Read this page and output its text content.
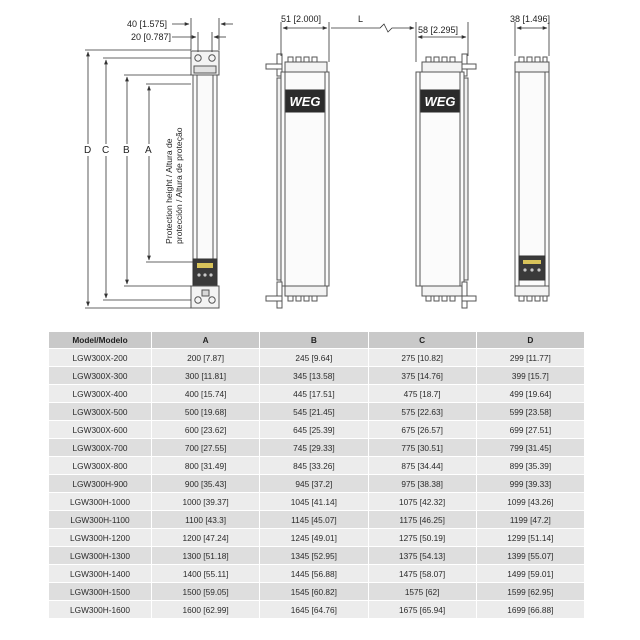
40 [1.575]
20 [0.787]
D C B A Protection height / Altura de protección / Altura de proteção
WEG	WEG
51 [2.000]	L
58 [2.295]
38 [1.496]
Model/Modelo	A	B	C	D
LGW300X-200	200 [7.87]	245 [9.64]	275 [10.82]	299 [11.77]
LGW300X-300	300 [11.81]	345 [13.58]	375 [14.76]	399 [15.7]
LGW300X-400	400 [15.74]	445 [17.51]	475 [18.7]	499 [19.64]
LGW300X-500	500 [19.68]	545 [21.45]	575 [22.63]	599 [23.58]
LGW300X-600	600 [23.62]	645 [25.39]	675 [26.57]	699 [27.51]
LGW300X-700	700 [27.55]	745 [29.33]	775 [30.51]	799 [31.45]
LGW300X-800	800 [31.49]	845 [33.26]	875 [34.44]	899 [35.39]
LGW300H-900	900 [35.43]	945 [37.2]	975 [38.38]	999 [39.33]
LGW300H-1000	1000 [39.37]	1045 [41.14]	1075 [42.32]	1099 [43.26]
LGW300H-1100	1100 [43.3]	1145 [45.07]	1175 [46.25]	1199 [47.2]
LGW300H-1200	1200 [47.24]	1245 [49.01]	1275 [50.19]	1299 [51.14]
LGW300H-1300	1300 [51.18]	1345 [52.95]	1375 [54.13]	1399 [55.07]
LGW300H-1400	1400 [55.11]	1445 [56.88]	1475 [58.07]	1499 [59.01]
LGW300H-1500	1500 [59.05]	1545 [60.82]	1575 [62]	1599 [62.95]
LGW300H-1600	1600 [62.99]	1645 [64.76]	1675 [65.94]	1699 [66.88]
